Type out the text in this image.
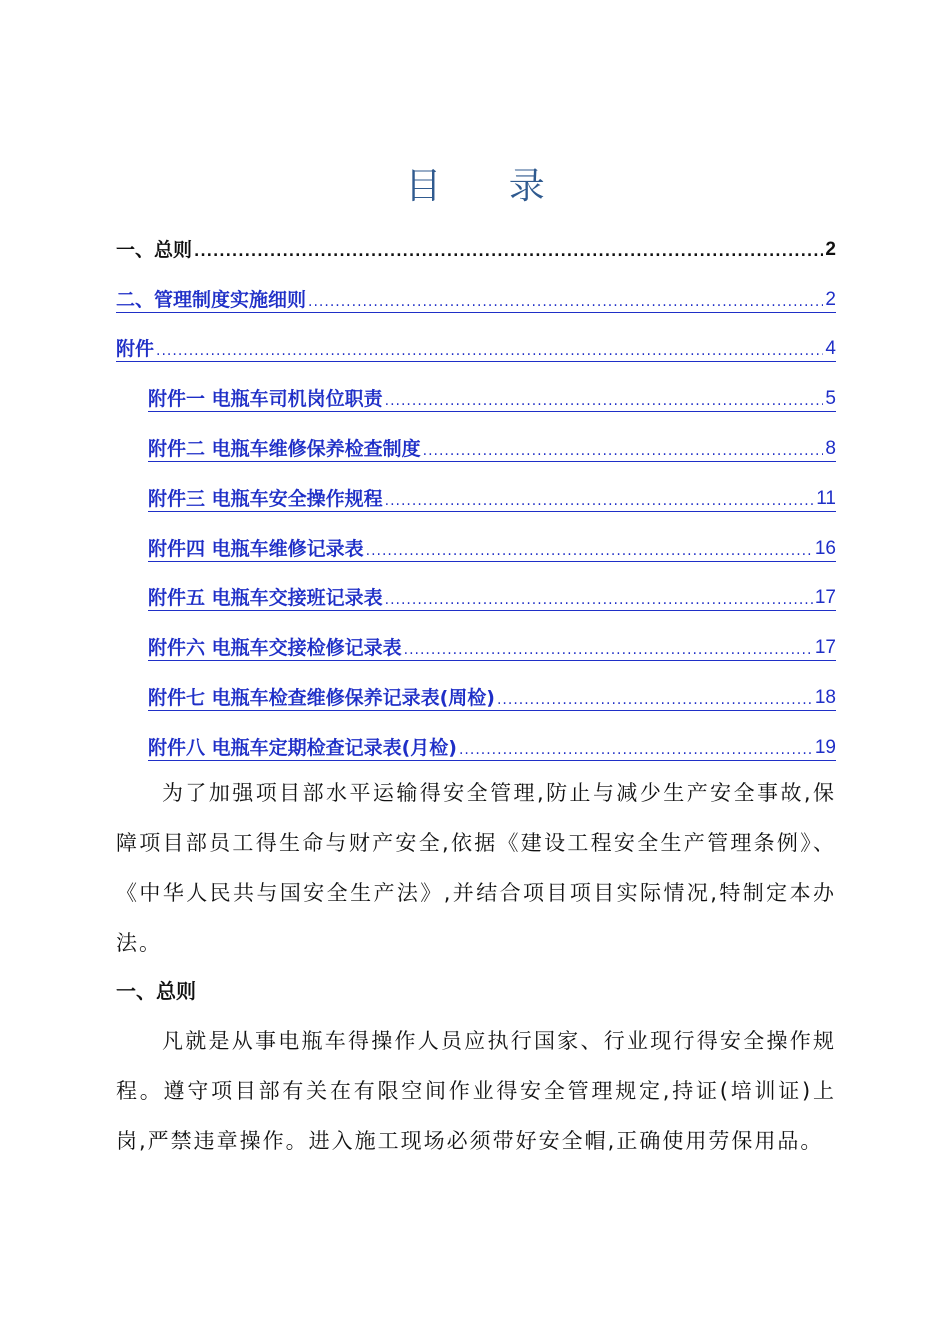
目 录
一、总则 .....	2
二、管理制度实施细则 .....	2
附件 .....	4
附件一 电瓶车司机岗位职责 .....	5
附件二 电瓶车维修保养检查制度 .....	8
附件三 电瓶车安全操作规程 .....	11
附件四 电瓶车维修记录表 .....	16
附件五 电瓶车交接班记录表 .....	17
附件六 电瓶车交接检修记录表 .....	17
附件七 电瓶车检查维修保养记录表(周检) .....	18
附件八 电瓶车定期检查记录表(月检) .....	19
为了加强项目部水平运输得安全管理,防止与减少生产安全事故,保障项目部员工得生命与财产安全,依据《建设工程安全生产管理条例》、《中华人民共与国安全生产法》,并结合项目项目实际情况,特制定本办法。
一、总则
凡就是从事电瓶车得操作人员应执行国家、行业现行得安全操作规程。遵守项目部有关在有限空间作业得安全管理规定,持证(培训证)上岗,严禁违章操作。进入施工现场必须带好安全帽,正确使用劳保用品。
